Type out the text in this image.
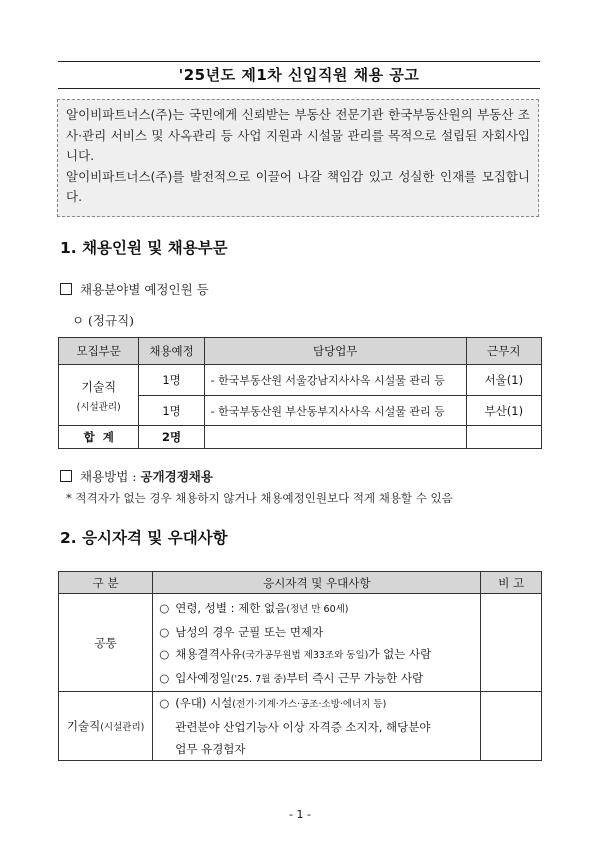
'25년도 제1차 신입직원 채용 공고

알이비파트너스(주)는 국민에게 신뢰받는 부동산 전문기관 한국부동산원의 부동산 조사·관리 서비스 및 사옥관리 등 사업 지원과 시설물 관리를 목적으로 설립된 자회사입니다.

알이비파트너스(주)를 발전적으로 이끌어 나갈 책임감 있고 성실한 인재를 모집합니다.

1. 채용인원 및 채용부문
채용분야별 예정인원 등
ㅇ (정규직)
모집부문	채용예정	담당업무	근무지

기술직
(시설관리)	1명	- 한국부동산원 서울강남지사사옥 시설물 관리 등	서울(1)
	1명	- 한국부동산원 부산동부지사사옥 시설물 관리 등	부산(1)
합  계	2명		
채용방법 : 공개경쟁채용
* 적격자가 없는 경우 채용하지 않거나 채용예정인원보다 적게 채용할 수 있음
2. 응시자격 및 우대사항
구 분	응시자격 및 우대사항	비 고
공통	○ 연령, 성별 : 제한 없음(정년 만 60세)
○ 남성의 경우 군필 또는 면제자
○ 채용결격사유(국가공무원법 제33조와 동일)가 없는 사람
○ 입사예정일('25. 7월 중)부터 즉시 근무 가능한 사람	

기술직(시설관리)	○ (우대) 시설(전기·기계·가스·공조·소방·에너지 등)
관련분야 산업기능사 이상 자격증 소지자, 해당분야
업무 유경험자	

- 1 -
